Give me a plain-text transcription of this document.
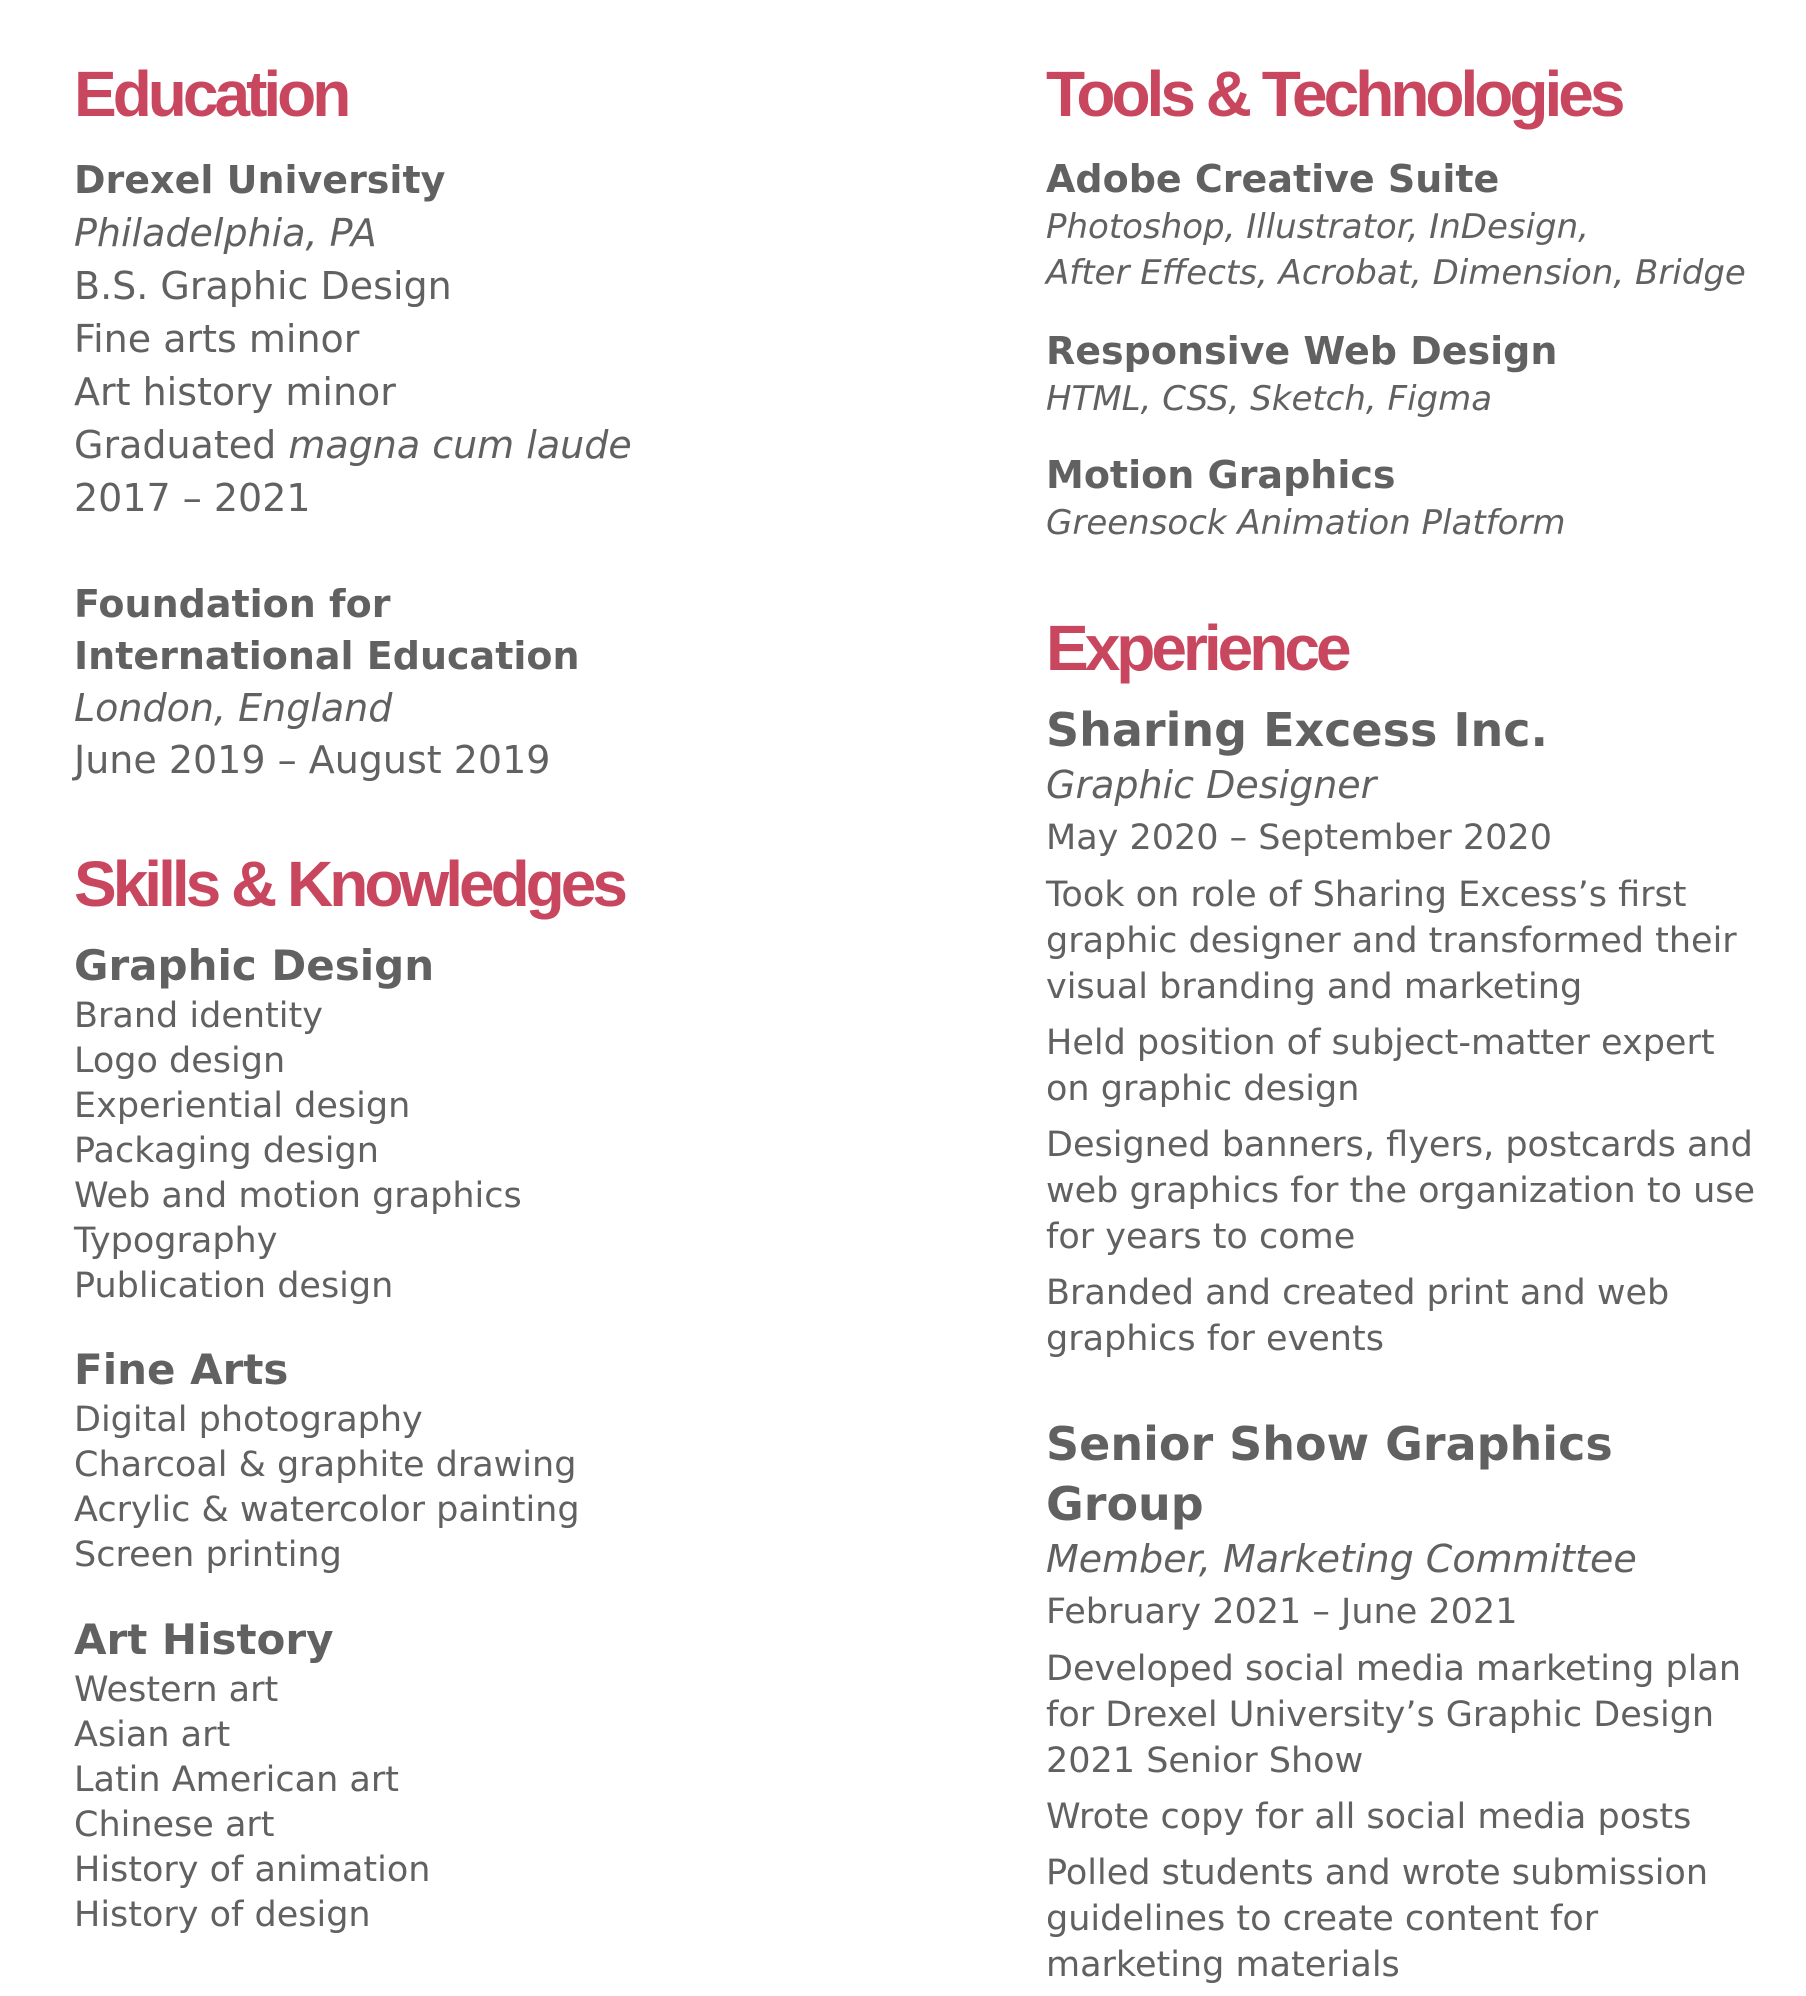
Education
Drexel University
Philadelphia, PA
B.S. Graphic Design
Fine arts minor
Art history minor
Graduated magna cum laude
2017 – 2021
Foundation for
International Education
London, England
June 2019 – August 2019
Skills & Knowledges
Graphic Design
Brand identity
Logo design
Experiential design
Packaging design
Web and motion graphics
Typography
Publication design
Fine Arts
Digital photography
Charcoal & graphite drawing
Acrylic & watercolor painting
Screen printing
Art History
Western art
Asian art
Latin American art
Chinese art
History of animation
History of design
Tools & Technologies
Adobe Creative Suite
Photoshop, Illustrator, InDesign,
After Effects, Acrobat, Dimension, Bridge
Responsive Web Design
HTML, CSS, Sketch, Figma
Motion Graphics
Greensock Animation Platform
Experience
Sharing Excess Inc.
Graphic Designer
May 2020 – September 2020
Took on role of Sharing Excess’s first
graphic designer and transformed their
visual branding and marketing
Held position of subject-matter expert
on graphic design
Designed banners, flyers, postcards and
web graphics for the organization to use
for years to come
Branded and created print and web
graphics for events
Senior Show Graphics Group
Member, Marketing Committee
February 2021 – June 2021
Developed social media marketing plan
for Drexel University’s Graphic Design
2021 Senior Show
Wrote copy for all social media posts
Polled students and wrote submission
guidelines to create content for
marketing materials
